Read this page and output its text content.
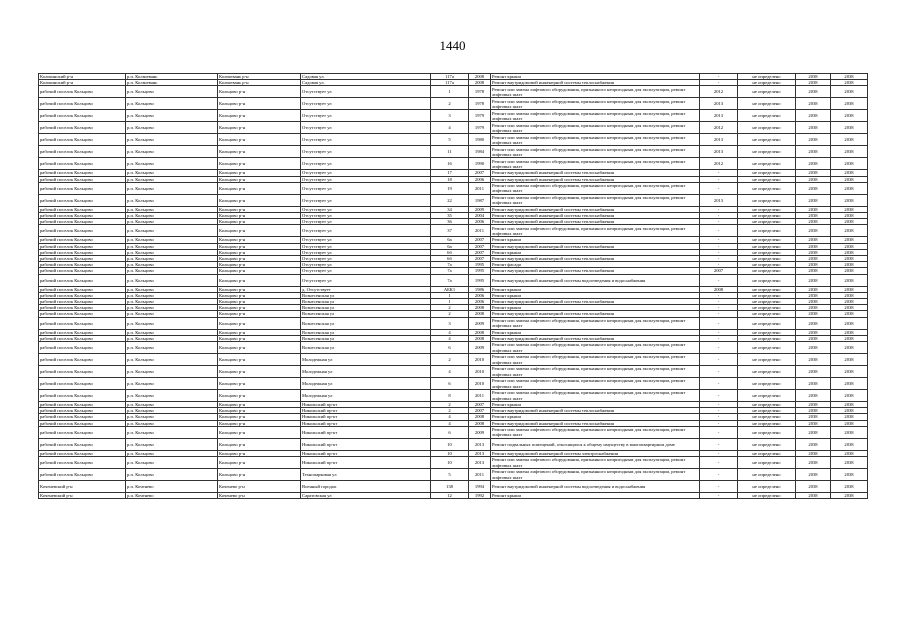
1440
Кольчинский р-н	р.п. Кольчевань	Кольчевань р-н	Садовая ул.	117а	2008	Ремонт крыши	-	не определено	2038	2038
Кольчинский р-н	р.п. Кольчевань	Кольчевань р-н	Садовая ул.	117а	2008	Ремонт внутридомовой инженерной системы теплоснабжения	-	не определено	2038	2038
рабочий поселок Кольцово	р.п. Кольцово	Кольцово р-н	Отсутствует ул	1	1978	Ремонт или замена лифтового оборудования, признанного непригодным для эксплуатации, ремонт лифтовых шахт	2012	не определено	2038	2038
рабочий поселок Кольцово	р.п. Кольцово	Кольцово р-н	Отсутствует ул	2	1978	Ремонт или замена лифтового оборудования, признанного непригодным для эксплуатации, ремонт лифтовых шахт	2013	не определено	2038	2038
рабочий поселок Кольцово	р.п. Кольцово	Кольцово р-н	Отсутствует ул	3	1979	Ремонт или замена лифтового оборудования, признанного непригодным для эксплуатации, ремонт лифтовых шахт	2013	не определено	2038	2038
рабочий поселок Кольцово	р.п. Кольцово	Кольцово р-н	Отсутствует ул	4	1979	Ремонт или замена лифтового оборудования, признанного непригодным для эксплуатации, ремонт лифтовых шахт	2012	не определено	2038	2038
рабочий поселок Кольцово	р.п. Кольцово	Кольцово р-н	Отсутствует ул	5	1980	Ремонт или замена лифтового оборудования, признанного непригодным для эксплуатации, ремонт лифтовых шахт	2013	не определено	2038	2038
рабочий поселок Кольцово	р.п. Кольцово	Кольцово р-н	Отсутствует ул	11	1984	Ремонт или замена лифтового оборудования, признанного непригодным для эксплуатации, ремонт лифтовых шахт	2013	не определено	2038	2038
рабочий поселок Кольцово	р.п. Кольцово	Кольцово р-н	Отсутствует ул	16	1990	Ремонт или замена лифтового оборудования, признанного непригодным для эксплуатации, ремонт лифтовых шахт	2012	не определено	2038	2038
рабочий поселок Кольцово	р.п. Кольцово	Кольцово р-н	Отсутствует ул	17	2007	Ремонт внутридомовой инженерной системы теплоснабжения	-	не определено	2038	2038
рабочий поселок Кольцово	р.п. Кольцово	Кольцово р-н	Отсутствует ул	18	2006	Ремонт внутридомовой инженерной системы теплоснабжения	-	не определено	2038	2038
рабочий поселок Кольцово	р.п. Кольцово	Кольцово р-н	Отсутствует ул	19	2011	Ремонт или замена лифтового оборудования, признанного непригодным для эксплуатации, ремонт лифтовых шахт	-	не определено	2038	2038
рабочий поселок Кольцово	р.п. Кольцово	Кольцово р-н	Отсутствует ул	22	1987	Ремонт или замена лифтового оборудования, признанного непригодным для эксплуатации, ремонт лифтовых шахт	2013	не определено	2038	2038
рабочий поселок Кольцово	р.п. Кольцово	Кольцово р-н	Отсутствует ул	34	2009	Ремонт внутридомовой инженерной системы теплоснабжения	-	не определено	2038	2038
рабочий поселок Кольцово	р.п. Кольцово	Кольцово р-н	Отсутствует ул	35	2004	Ремонт внутридомовой инженерной системы теплоснабжения	-	не определено	2038	2038
рабочий поселок Кольцово	р.п. Кольцово	Кольцово р-н	Отсутствует ул	36	2006	Ремонт внутридомовой инженерной системы теплоснабжения	-	не определено	2038	2038
рабочий поселок Кольцово	р.п. Кольцово	Кольцово р-н	Отсутствует ул	37	2011	Ремонт или замена лифтового оборудования, признанного непригодным для эксплуатации, ремонт лифтовых шахт	-	не определено	2038	2038
рабочий поселок Кольцово	р.п. Кольцово	Кольцово р-н	Отсутствует ул	6а	2007	Ремонт крыши	-	не определено	2038	2038
рабочий поселок Кольцово	р.п. Кольцово	Кольцово р-н	Отсутствует ул	6а	2007	Ремонт внутридомовой инженерной системы теплоснабжения	-	не определено	2038	2038
рабочий поселок Кольцово	р.п. Кольцово	Кольцово р-н	Отсутствует ул	6б	2007	Ремонт крыши	-	не определено	2038	2038
рабочий поселок Кольцово	р.п. Кольцово	Кольцово р-н	Отсутствует ул	6б	2007	Ремонт внутридомовой инженерной системы теплоснабжения	-	не определено	2038	2038
рабочий поселок Кольцово	р.п. Кольцово	Кольцово р-н	Отсутствует ул	7а	1995	Ремонт фасада	-	не определено	2038	2038
рабочий поселок Кольцово	р.п. Кольцово	Кольцово р-н	Отсутствует ул	7а	1995	Ремонт внутридомовой инженерной системы теплоснабжения	2007	не определено	2038	2038
рабочий поселок Кольцово	р.п. Кольцово	Кольцово р-н	Отсутствует ул	7а	1995	Ремонт внутридомовой инженерной системы водоотведения и водоснабжения	-	не определено	2038	2038
рабочий поселок Кольцово	р.п. Кольцово	Кольцово р-н	д. Отсутствует	АБК1	1986	Ремонт крыши	2008	не определено	2038	2038
рабочий поселок Кольцово	р.п. Кольцово	Кольцово р-н	Вознесенская ул	1	2006	Ремонт крыши	-	не определено	2038	2038
рабочий поселок Кольцово	р.п. Кольцово	Кольцово р-н	Вознесенская ул	1	2006	Ремонт внутридомовой инженерной системы теплоснабжения	-	не определено	2038	2038
рабочий поселок Кольцово	р.п. Кольцово	Кольцово р-н	Вознесенская ул	2	2008	Ремонт крыши	-	не определено	2038	2038
рабочий поселок Кольцово	р.п. Кольцово	Кольцово р-н	Вознесенская ул	2	2008	Ремонт внутридомовой инженерной системы теплоснабжения	-	не определено	2038	2038
рабочий поселок Кольцово	р.п. Кольцово	Кольцово р-н	Вознесенская ул	3	2009	Ремонт или замена лифтового оборудования, признанного непригодным для эксплуатации, ремонт лифтовых шахт	-	не определено	2038	2038
рабочий поселок Кольцово	р.п. Кольцово	Кольцово р-н	Вознесенская ул	4	2008	Ремонт крыши	-	не определено	2038	2038
рабочий поселок Кольцово	р.п. Кольцово	Кольцово р-н	Вознесенская ул	4	2008	Ремонт внутридомовой инженерной системы теплоснабжения	-	не определено	2038	2038
рабочий поселок Кольцово	р.п. Кольцово	Кольцово р-н	Вознесенская ул	6	2009	Ремонт или замена лифтового оборудования, признанного непригодным для эксплуатации, ремонт лифтовых шахт	-	не определено	2038	2038
рабочий поселок Кольцово	р.п. Кольцово	Кольцово р-н	Молодежная ул	2	2010	Ремонт или замена лифтового оборудования, признанного непригодным для эксплуатации, ремонт лифтовых шахт	-	не определено	2038	2038
рабочий поселок Кольцово	р.п. Кольцово	Кольцово р-н	Молодежная ул	4	2010	Ремонт или замена лифтового оборудования, признанного непригодным для эксплуатации, ремонт лифтовых шахт	-	не определено	2038	2038
рабочий поселок Кольцово	р.п. Кольцово	Кольцово р-н	Молодежная ул	6	2010	Ремонт или замена лифтового оборудования, признанного непригодным для эксплуатации, ремонт лифтовых шахт	-	не определено	2038	2038
рабочий поселок Кольцово	р.п. Кольцово	Кольцово р-н	Молодежная ул	8	2011	Ремонт или замена лифтового оборудования, признанного непригодным для эксплуатации, ремонт лифтовых шахт	-	не определено	2038	2038
рабочий поселок Кольцово	р.п. Кольцово	Кольцово р-н	Никольский пр-кт	2	2007	Ремонт крыши	-	не определено	2038	2038
рабочий поселок Кольцово	р.п. Кольцово	Кольцово р-н	Никольский пр-кт	2	2007	Ремонт внутридомовой инженерной системы теплоснабжения	-	не определено	2038	2038
рабочий поселок Кольцово	р.п. Кольцово	Кольцово р-н	Никольский пр-кт	4	2008	Ремонт крыши	-	не определено	2038	2038
рабочий поселок Кольцово	р.п. Кольцово	Кольцово р-н	Никольский пр-кт	4	2008	Ремонт внутридомовой инженерной системы теплоснабжения	-	не определено	2038	2038
рабочий поселок Кольцово	р.п. Кольцово	Кольцово р-н	Никольский пр-кт	6	2009	Ремонт или замена лифтового оборудования, признанного непригодным для эксплуатации, ремонт лифтовых шахт	-	не определено	2038	2038
рабочий поселок Кольцово	р.п. Кольцово	Кольцово р-н	Никольский пр-кт	10	2013	Ремонт подвальных помещений, относящихся к общему имуществу в многоквартирном доме	-	не определено	2038	2038
рабочий поселок Кольцово	р.п. Кольцово	Кольцово р-н	Никольский пр-кт	10	2013	Ремонт внутридомовой инженерной системы электроснабжения	-	не определено	2038	2038
рабочий поселок Кольцово	р.п. Кольцово	Кольцово р-н	Никольский пр-кт	10	2013	Ремонт или замена лифтового оборудования, признанного непригодным для эксплуатации, ремонт лифтовых шахт	-	не определено	2038	2038
рабочий поселок Кольцово	р.п. Кольцово	Кольцово р-н	Технопарковая ул	5	2011	Ремонт или замена лифтового оборудования, признанного непригодным для эксплуатации, ремонт лифтовых шахт	-	не определено	2038	2038
Коченевский р-н	р.п. Коченево	Коченево р-н	Военный городок	138	1994	Ремонт внутридомовой инженерной системы водоотведения и водоснабжения	-	не определено	2038	2038
Коченевский р-н	р.п. Коченево	Коченево р-н	Саратовская ул	12	1992	Ремонт крыши	-	не определено	2038	2038
